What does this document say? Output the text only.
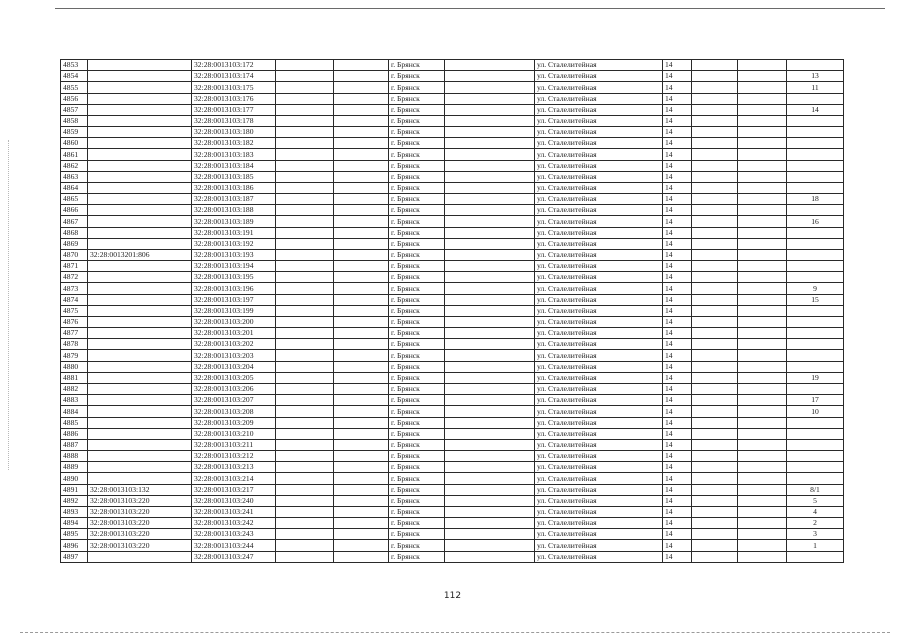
4853		32:28:0013103:172			г. Брянск		ул. Сталелитейная	14			
4854		32:28:0013103:174			г. Брянск		ул. Сталелитейная	14			13
4855		32:28:0013103:175			г. Брянск		ул. Сталелитейная	14			11
4856		32:28:0013103:176			г. Брянск		ул. Сталелитейная	14			
4857		32:28:0013103:177			г. Брянск		ул. Сталелитейная	14			14
4858		32:28:0013103:178			г. Брянск		ул. Сталелитейная	14			
4859		32:28:0013103:180			г. Брянск		ул. Сталелитейная	14			
4860		32:28:0013103:182			г. Брянск		ул. Сталелитейная	14			
4861		32:28:0013103:183			г. Брянск		ул. Сталелитейная	14			
4862		32:28:0013103:184			г. Брянск		ул. Сталелитейная	14			
4863		32:28:0013103:185			г. Брянск		ул. Сталелитейная	14			
4864		32:28:0013103:186			г. Брянск		ул. Сталелитейная	14			
4865		32:28:0013103:187			г. Брянск		ул. Сталелитейная	14			18
4866		32:28:0013103:188			г. Брянск		ул. Сталелитейная	14			
4867		32:28:0013103:189			г. Брянск		ул. Сталелитейная	14			16
4868		32:28:0013103:191			г. Брянск		ул. Сталелитейная	14			
4869		32:28:0013103:192			г. Брянск		ул. Сталелитейная	14			
4870	32:28:0013201:806	32:28:0013103:193			г. Брянск		ул. Сталелитейная	14			
4871		32:28:0013103:194			г. Брянск		ул. Сталелитейная	14			
4872		32:28:0013103:195			г. Брянск		ул. Сталелитейная	14			
4873		32:28:0013103:196			г. Брянск		ул. Сталелитейная	14			9
4874		32:28:0013103:197			г. Брянск		ул. Сталелитейная	14			15
4875		32:28:0013103:199			г. Брянск		ул. Сталелитейная	14			
4876		32:28:0013103:200			г. Брянск		ул. Сталелитейная	14			
4877		32:28:0013103:201			г. Брянск		ул. Сталелитейная	14			
4878		32:28:0013103:202			г. Брянск		ул. Сталелитейная	14			
4879		32:28:0013103:203			г. Брянск		ул. Сталелитейная	14			
4880		32:28:0013103:204			г. Брянск		ул. Сталелитейная	14			
4881		32:28:0013103:205			г. Брянск		ул. Сталелитейная	14			19
4882		32:28:0013103:206			г. Брянск		ул. Сталелитейная	14			
4883		32:28:0013103:207			г. Брянск		ул. Сталелитейная	14			17
4884		32:28:0013103:208			г. Брянск		ул. Сталелитейная	14			10
4885		32:28:0013103:209			г. Брянск		ул. Сталелитейная	14			
4886		32:28:0013103:210			г. Брянск		ул. Сталелитейная	14			
4887		32:28:0013103:211			г. Брянск		ул. Сталелитейная	14			
4888		32:28:0013103:212			г. Брянск		ул. Сталелитейная	14			
4889		32:28:0013103:213			г. Брянск		ул. Сталелитейная	14			
4890		32:28:0013103:214			г. Брянск		ул. Сталелитейная	14			
4891	32:28:0013103:132	32:28:0013103:217			г. Брянск		ул. Сталелитейная	14			8/1
4892	32:28:0013103:220	32:28:0013103:240			г. Брянск		ул. Сталелитейная	14			5
4893	32:28:0013103:220	32:28:0013103:241			г. Брянск		ул. Сталелитейная	14			4
4894	32:28:0013103:220	32:28:0013103:242			г. Брянск		ул. Сталелитейная	14			2
4895	32:28:0013103:220	32:28:0013103:243			г. Брянск		ул. Сталелитейная	14			3
4896	32:28:0013103:220	32:28:0013103:244			г. Брянск		ул. Сталелитейная	14			1
4897		32:28:0013103:247			г. Брянск		ул. Сталелитейная	14			
112
